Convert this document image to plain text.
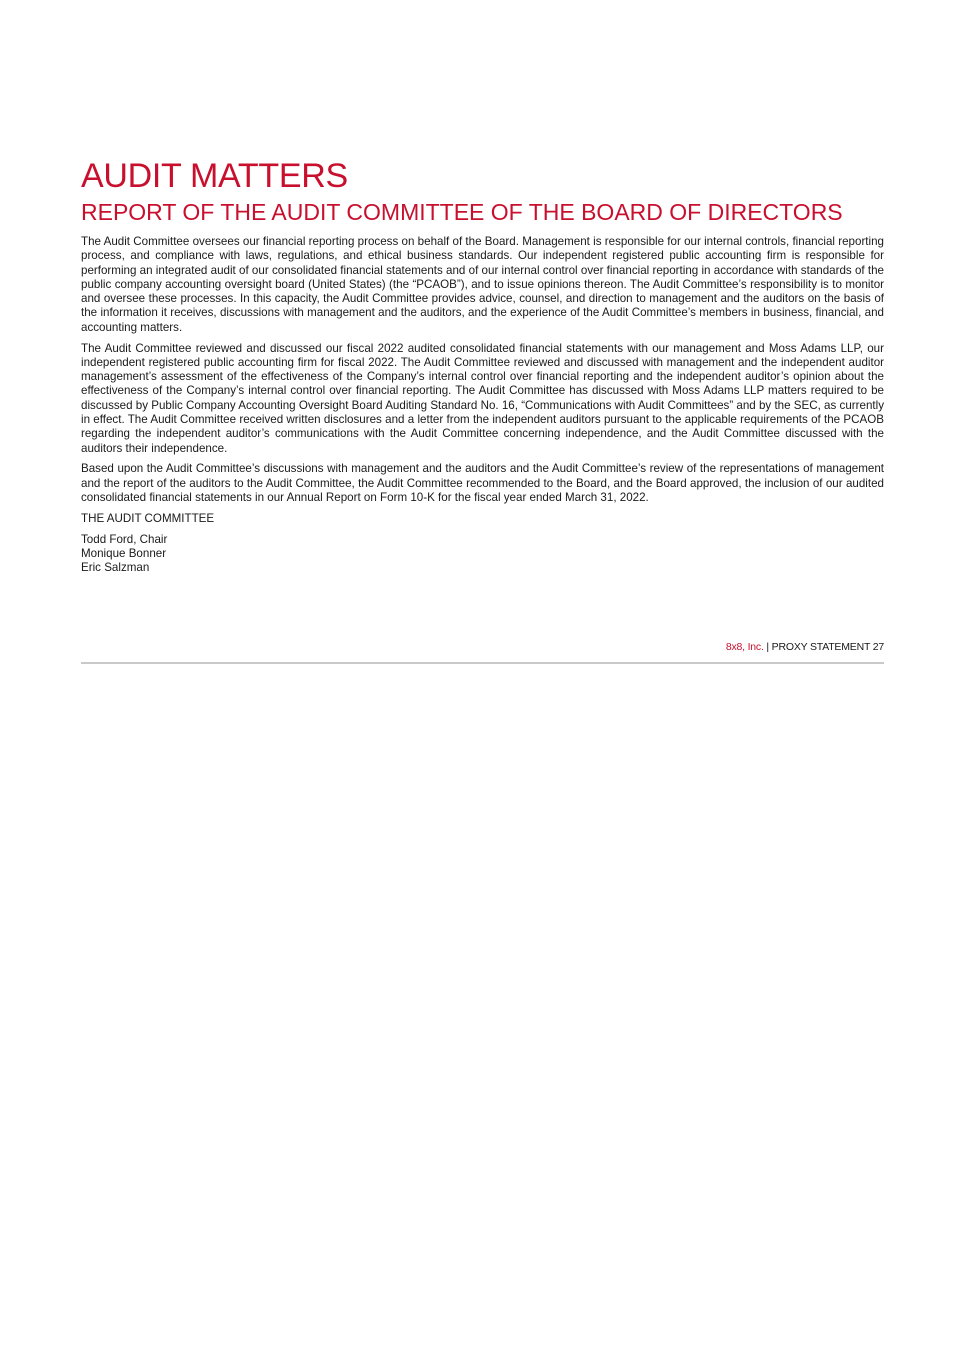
AUDIT MATTERS
REPORT OF THE AUDIT COMMITTEE OF THE BOARD OF DIRECTORS

The Audit Committee oversees our financial reporting process on behalf of the Board. Management is responsible for our internal controls, financial reporting process, and compliance with laws, regulations, and ethical business standards. Our independent registered public accounting firm is responsible for performing an integrated audit of our consolidated financial statements and of our internal control over financial reporting in accordance with standards of the public company accounting oversight board (United States) (the “PCAOB”), and to issue opinions thereon. The Audit Committee’s responsibility is to monitor and oversee these processes. In this capacity, the Audit Committee provides advice, counsel, and direction to management and the auditors on the basis of the information it receives, discussions with management and the auditors, and the experience of the Audit Committee’s members in business, financial, and accounting matters.

The Audit Committee reviewed and discussed our fiscal 2022 audited consolidated financial statements with our management and Moss Adams LLP, our independent registered public accounting firm for fiscal 2022. The Audit Committee reviewed and discussed with management and the independent auditor management’s assessment of the effectiveness of the Company’s internal control over financial reporting and the independent auditor’s opinion about the effectiveness of the Company’s internal control over financial reporting. The Audit Committee has discussed with Moss Adams LLP matters required to be discussed by Public Company Accounting Oversight Board Auditing Standard No. 16, “Communications with Audit Committees” and by the SEC, as currently in effect. The Audit Committee received written disclosures and a letter from the independent auditors pursuant to the applicable requirements of the PCAOB regarding the independent auditor’s communications with the Audit Committee concerning independence, and the Audit Committee discussed with the auditors their independence.

Based upon the Audit Committee’s discussions with management and the auditors and the Audit Committee’s review of the representations of management and the report of the auditors to the Audit Committee, the Audit Committee recommended to the Board, and the Board approved, the inclusion of our audited consolidated financial statements in our Annual Report on Form 10-K for the fiscal year ended March 31, 2022.

THE AUDIT COMMITTEE
Todd Ford, Chair
Monique Bonner
Eric Salzman
8x8, Inc. | PROXY STATEMENT 27
